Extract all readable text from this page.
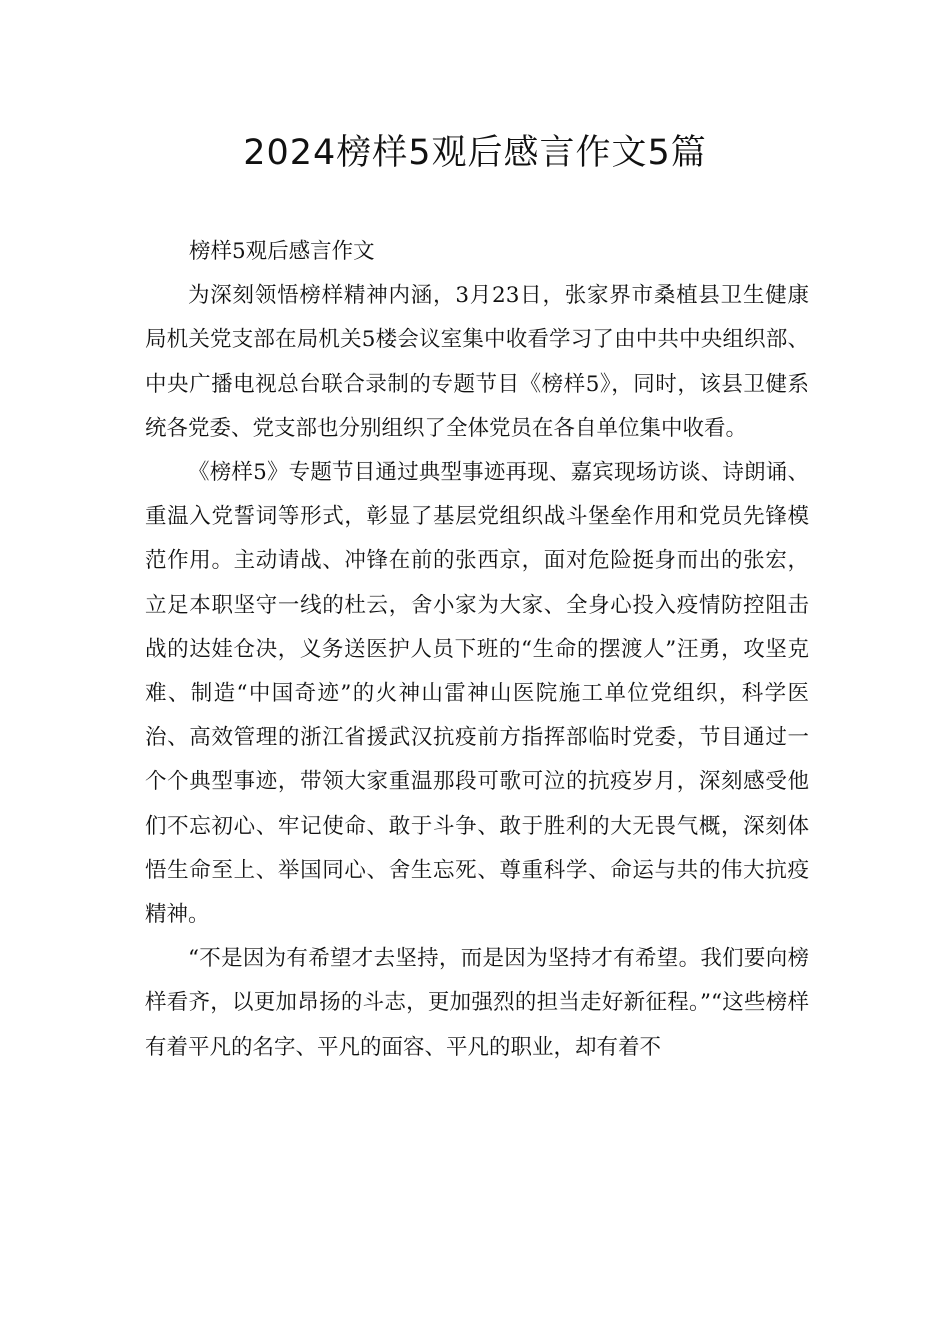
2024榜样5观后感言作文5篇

榜样5观后感言作文

为深刻领悟榜样精神内涵，3月23日，张家界市桑植县卫生健康局机关党支部在局机关5楼会议室集中收看学习了由中共中央组织部、中央广播电视总台联合录制的专题节目《榜样5》，同时，该县卫健系统各党委、党支部也分别组织了全体党员在各自单位集中收看。

《榜样5》专题节目通过典型事迹再现、嘉宾现场访谈、诗朗诵、重温入党誓词等形式，彰显了基层党组织战斗堡垒作用和党员先锋模范作用。主动请战、冲锋在前的张西京，面对危险挺身而出的张宏，立足本职坚守一线的杜云，舍小家为大家、全身心投入疫情防控阻击战的达娃仓决，义务送医护人员下班的“生命的摆渡人”汪勇，攻坚克难、制造“中国奇迹”的火神山雷神山医院施工单位党组织，科学医治、高效管理的浙江省援武汉抗疫前方指挥部临时党委，节目通过一个个典型事迹，带领大家重温那段可歌可泣的抗疫岁月，深刻感受他们不忘初心、牢记使命、敢于斗争、敢于胜利的大无畏气概，深刻体悟生命至上、举国同心、舍生忘死、尊重科学、命运与共的伟大抗疫精神。

“不是因为有希望才去坚持，而是因为坚持才有希望。我们要向榜样看齐，以更加昂扬的斗志，更加强烈的担当走好新征程。”“这些榜样有着平凡的名字、平凡的面容、平凡的职业，却有着不
